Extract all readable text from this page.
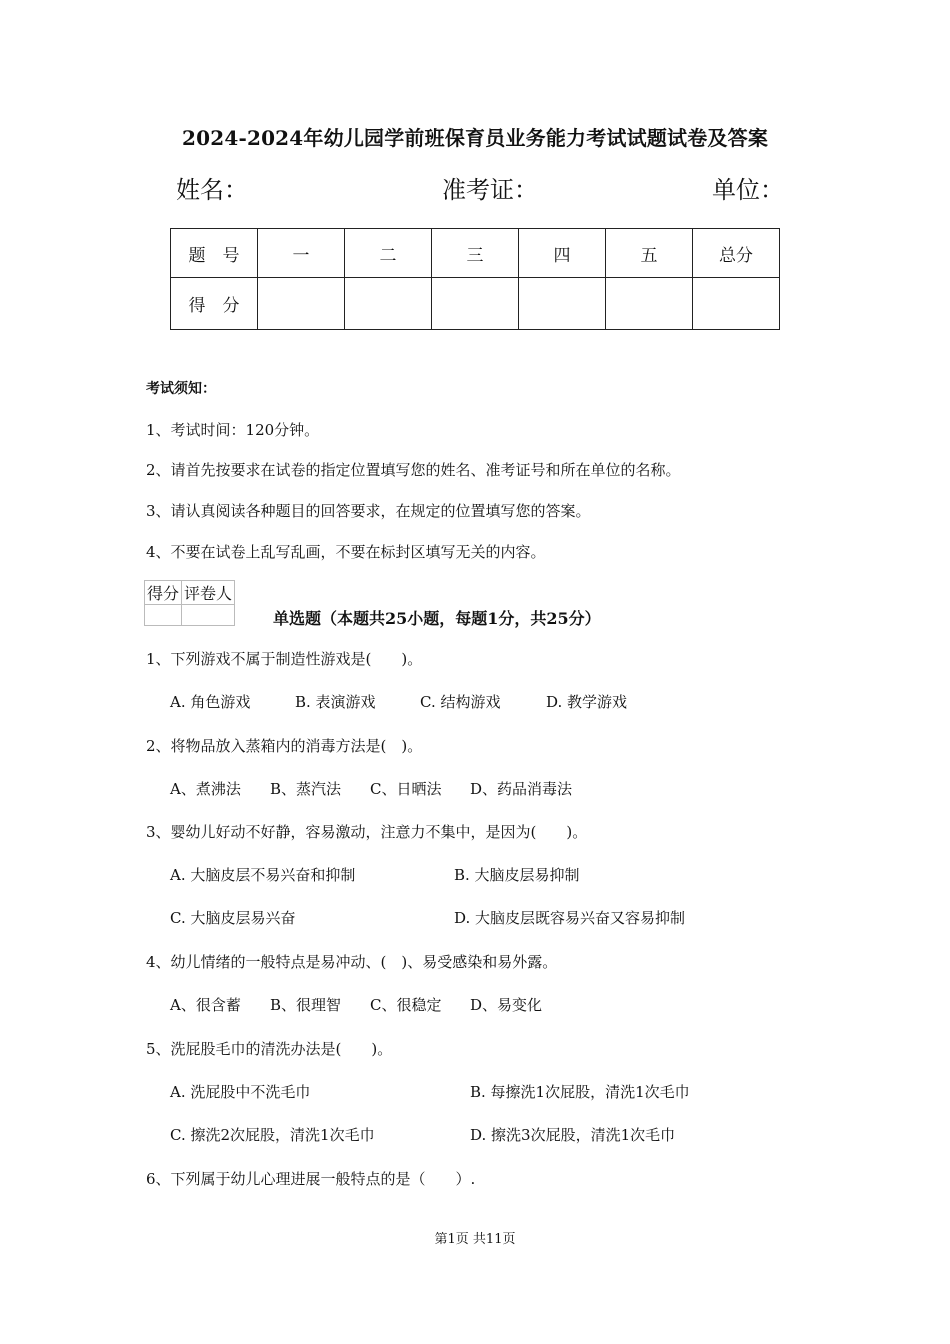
2024-2024年幼儿园学前班保育员业务能力考试试题试卷及答案
姓名：	准考证：	单位：
题　号	一	二	三	四	五	总分
得　分						
考试须知：
1、考试时间：120分钟。
2、请首先按要求在试卷的指定位置填写您的姓名、准考证号和所在单位的名称。
3、请认真阅读各种题目的回答要求，在规定的位置填写您的答案。
4、不要在试卷上乱写乱画，不要在标封区填写无关的内容。
得分	评卷人

单选题（本题共25小题，每题1分，共25分）
1、下列游戏不属于制造性游戏是(　　)。
A. 角色游戏	B. 表演游戏	C. 结构游戏	D. 教学游戏
2、将物品放入蒸箱内的消毒方法是(　)。
A、煮沸法 B、蒸汽法 C、日晒法 D、药品消毒法
3、婴幼儿好动不好静，容易激动，注意力不集中，是因为(　　)。
A. 大脑皮层不易兴奋和抑制	B. 大脑皮层易抑制
C. 大脑皮层易兴奋	D. 大脑皮层既容易兴奋又容易抑制
4、幼儿情绪的一般特点是易冲动、(　)、易受感染和易外露。
A、很含蓄 B、很理智 C、很稳定 D、易变化
5、洗屁股毛巾的清洗办法是(　　)。
A. 洗屁股中不洗毛巾	B. 每擦洗1次屁股，清洗1次毛巾
C. 擦洗2次屁股，清洗1次毛巾	D. 擦洗3次屁股，清洗1次毛巾
6、下列属于幼儿心理进展一般特点的是（　　）.
第1页 共11页
